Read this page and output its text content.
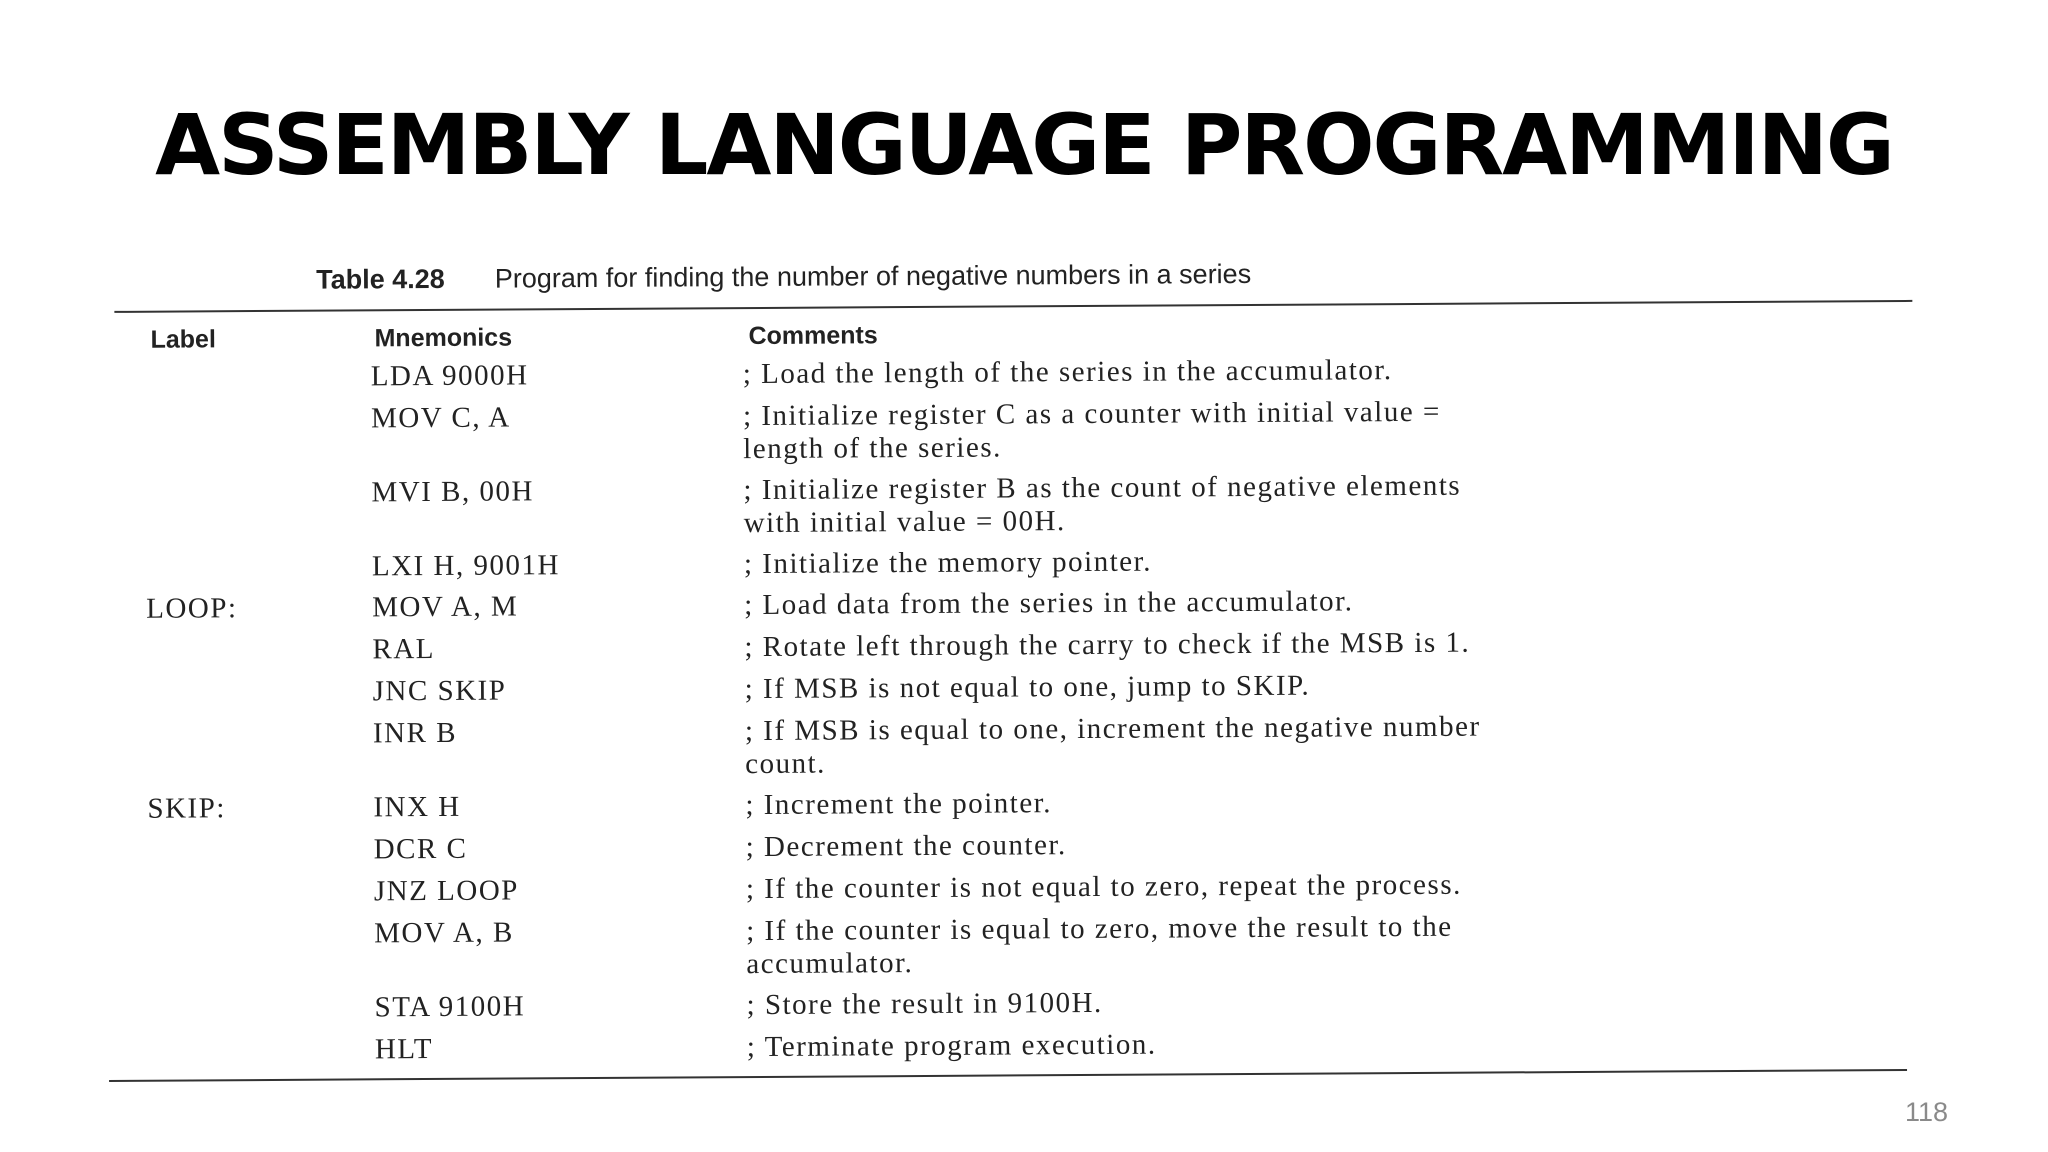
ASSEMBLY LANGUAGE PROGRAMMING
Table 4.28 Program for finding the number of negative numbers in a series
Label	Mnemonics	Comments
LDA 9000H	; Load the length of the series in the accumulator.
MOV C, A	; Initialize register C as a counter with initial value =
length of the series.
MVI B, 00H	; Initialize register B as the count of negative elements
with initial value = 00H.
LXI H, 9001H	; Initialize the memory pointer.
LOOP:	MOV A, M	; Load data from the series in the accumulator.
RAL	; Rotate left through the carry to check if the MSB is 1.
JNC SKIP	; If MSB is not equal to one, jump to SKIP.
INR B	; If MSB is equal to one, increment the negative number
count.
SKIP:	INX H	; Increment the pointer.
DCR C	; Decrement the counter.
JNZ LOOP	; If the counter is not equal to zero, repeat the process.
MOV A, B	; If the counter is equal to zero, move the result to the
accumulator.
STA 9100H	; Store the result in 9100H.
HLT	; Terminate program execution.
118
